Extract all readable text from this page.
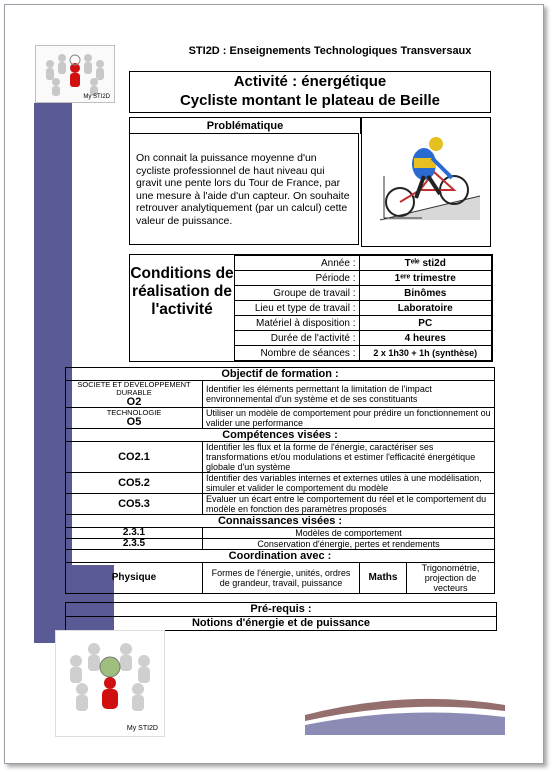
My STI2D
STI2D : Enseignements Technologiques Transversaux
Activité : énergétique
Cycliste montant le plateau de Beille
Problématique
On connait la puissance moyenne d'un cycliste professionnel de haut niveau qui gravit une pente lors du Tour de France, par une mesure à l'aide d'un capteur. On souhaite retrouver analytiquement (par un calcul) cette valeur de puissance.
Conditions de réalisation de l'activité
Année :	Tᵉˡᵉ sti2d
Période :	1ᵉʳᵉ trimestre
Groupe de travail :	Binômes
Lieu et type de travail :	Laboratoire
Matériel à disposition :	PC
Durée de l'activité :	4 heures
Nombre de séances :	2 x 1h30 + 1h (synthèse)
Objectif de formation :			

SOCIETE ET DEVELOPPEMENT DURABLE
O2	Identifier les éléments permettant la limitation de l'impact environnemental d'un système et de ses constituants		

TECHNOLOGIE
O5	Utiliser un modèle de comportement pour prédire un fonctionnement ou valider une performance		
Compétences visées :			
CO2.1	Identifier les flux et la forme de l'énergie, caractériser ses transformations et/ou modulations et estimer l'efficacité énergétique globale d'un système		
CO5.2	Identifier des variables internes et externes utiles à une modélisation, simuler et valider le comportement du modèle		
CO5.3	Evaluer un écart entre le comportement du réel et le comportement du modèle en fonction des paramètres proposés		
Connaissances visées :			
2.3.1	Modèles de comportement		
2.3.5	Conservation d'énergie, pertes et rendements		
Coordination avec :			
Physique	Formes de l'énergie, unités, ordres de grandeur, travail, puissance	Maths	Trigonométrie, projection de vecteurs
Pré-requis :
Notions d'énergie et de puissance
My STI2D
